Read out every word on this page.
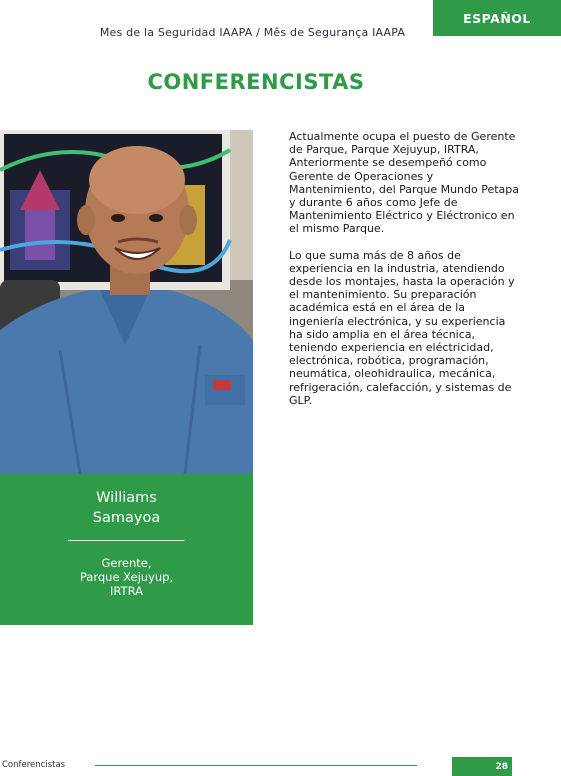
Mes de la Seguridad IAAPA / Mês de Segurança IAAPA
ESPAÑOL
CONFERENCISTAS
Williams
Samayoa
Gerente,
Parque Xejuyup,
IRTRA

Actualmente ocupa el puesto de Gerente de Parque, Parque Xejuyup, IRTRA, Anteriormente se desempeñó como Gerente de Operaciones y Mantenimiento, del Parque Mundo Petapa y durante 6 años como Jefe de Mantenimiento Eléctrico y Eléctronico en el mismo Parque.

Lo que suma más de 8 años de experiencia en la industria, atendiendo desde los montajes, hasta la operación y el mantenimiento. Su preparación académica está en el área de la ingeniería electrónica, y su experiencia ha sido amplia en el área técnica, teniendo experiencia en eléctricidad, electrónica, robótica, programación, neumática, oleohidraulica, mecánica, refrigeración, calefacción, y sistemas de GLP.

Conferencistas	28
